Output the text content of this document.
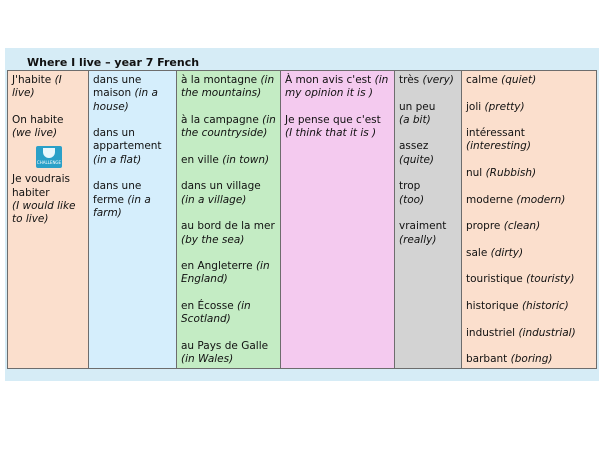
Where I live – year 7 French

J'habite (I live)

On habite
(we live)

CHALLENGE

Je voudrais habiter
(I would like to live)

dans une maison (in a house)

dans un appartement (in a flat)

dans une ferme (in a farm)

à la montagne (in the mountains)

à la campagne (in the countryside)

en ville (in town)

dans un village (in a village)

au bord de la mer (by the sea)

en Angleterre (in England)

en Écosse (in Scotland)

au Pays de Galle (in Wales)

À mon avis c'est (in my opinion it is )

Je pense que c'est (I think that it is )

très (very)

un peu
(a bit)

assez
(quite)

trop
(too)

vraiment
(really)

calme (quiet)

joli (pretty)

intéressant
(interesting)

nul (Rubbish)

moderne (modern)

propre (clean)

sale (dirty)

touristique (touristy)

historique (historic)

industriel (industrial)

barbant (boring)
